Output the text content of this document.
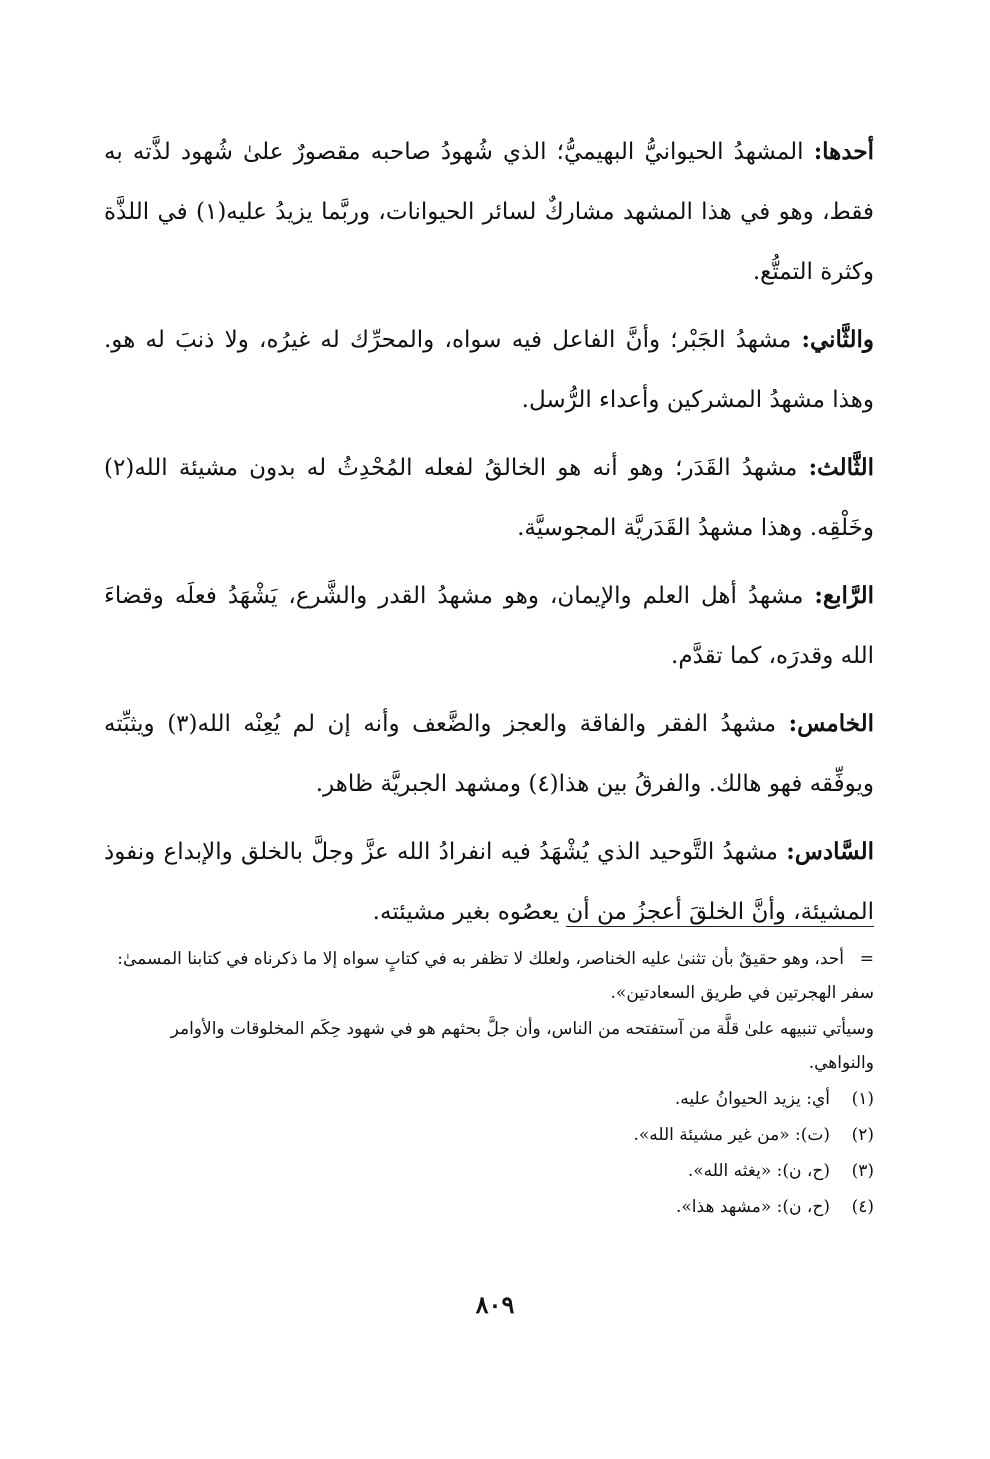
أحدها: المشهدُ الحيوانيُّ البهيميُّ؛ الذي شُهودُ صاحبه مقصورٌ علىٰ شُهود لذَّته به فقط، وهو في هذا المشهد مشاركٌ لسائر الحيوانات، وربَّما يزيدُ عليه(١) في اللذَّة وكثرة التمتُّع.

والثَّاني: مشهدُ الجَبْر؛ وأنَّ الفاعل فيه سواه، والمحرِّك له غيرُه، ولا ذنبَ له هو. وهذا مشهدُ المشركين وأعداء الرُّسل.

الثَّالث: مشهدُ القَدَر؛ وهو أنه هو الخالقُ لفعله المُحْدِثُ له بدون مشيئة الله(٢) وخَلْقِه. وهذا مشهدُ القَدَريَّة المجوسيَّة.

الرَّابع: مشهدُ أهل العلم والإيمان، وهو مشهدُ القدر والشَّرع، يَشْهَدُ فعلَه وقضاءَ الله وقدرَه، كما تقدَّم.

الخامس: مشهدُ الفقر والفاقة والعجز والضَّعف وأنه إن لم يُعِنْه الله(٣) ويثبِّته ويوفِّقه فهو هالك. والفرقُ بين هذا(٤) ومشهد الجبريَّة ظاهر.

السَّادس: مشهدُ التَّوحيد الذي يُشْهَدُ فيه انفرادُ الله عزَّ وجلَّ بالخلق والإبداع ونفوذ المشيئة، وأنَّ الخلقَ أعجزُ من أن يعصُوه بغير مشيئته.

=أحد، وهو حقيقٌ بأن تثنىٰ عليه الخناصر، ولعلك لا تظفر به في كتابٍ سواه إلا ما ذكرناه في كتابنا المسمىٰ: سفر الهجرتين في طريق السعادتين».

وسيأتي تنبيهه علىٰ قلَّة من آستفتحه من الناس، وأن جلَّ بحثهم هو في شهود حِكَم المخلوقات والأوامر والنواهي.

(١)
أي: يزيد الحيوانُ عليه.
(٢)
(ت): «من غير مشيئة الله».
(٣)
(ح، ن): «يغثه الله».
(٤)
(ح، ن): «مشهد هذا».
٨٠٩
